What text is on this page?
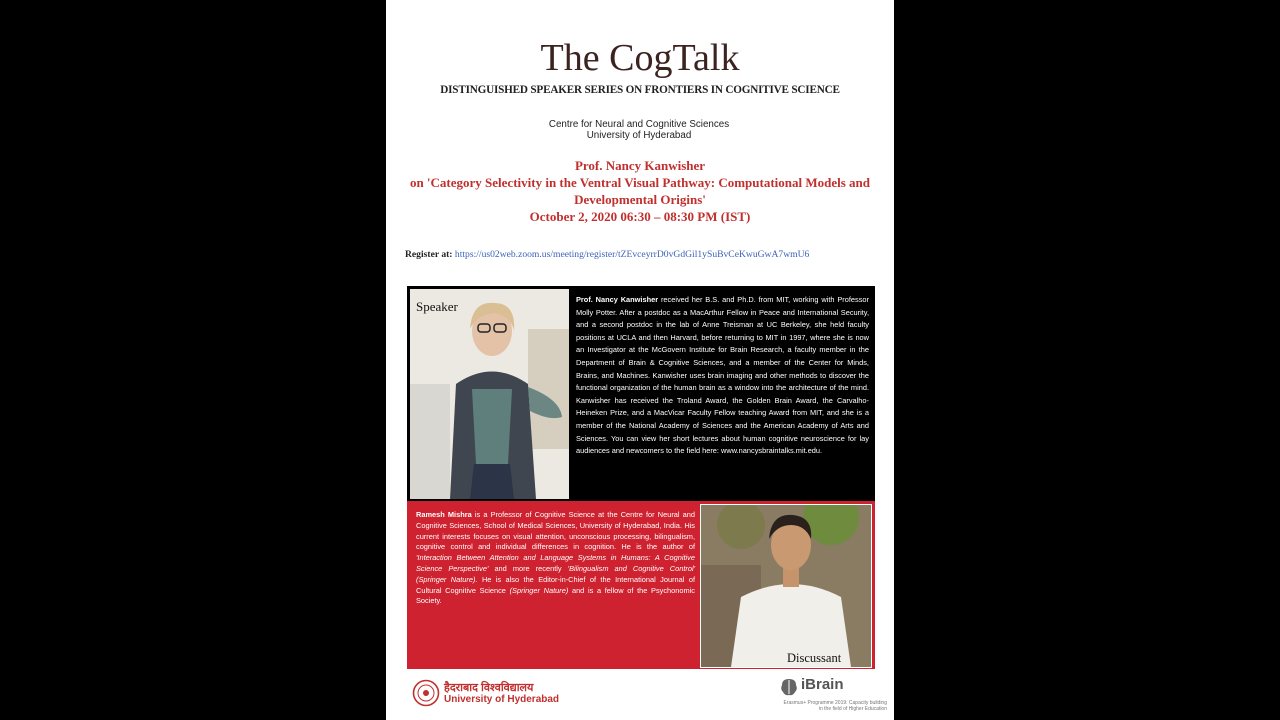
The CogTalk
DISTINGUISHED SPEAKER SERIES ON FRONTIERS IN COGNITIVE SCIENCE
Centre for Neural and Cognitive Sciences
University of Hyderabad
Prof. Nancy Kanwisher
on 'Category Selectivity in the Ventral Visual Pathway: Computational Models and Developmental Origins'
October 2, 2020 06:30 – 08:30 PM (IST)
Register at: https://us02web.zoom.us/meeting/register/tZEvceyrrD0vGdGil1ySuBvCeKwuGwA7wmU6
Speaker	Prof. Nancy Kanwisher received her B.S. and Ph.D. from MIT, working with Professor Molly Potter. After a postdoc as a MacArthur Fellow in Peace and International Security, and a second postdoc in the lab of Anne Treisman at UC Berkeley, she held faculty positions at UCLA and then Harvard, before returning to MIT in 1997, where she is now an Investigator at the McGovern Institute for Brain Research, a faculty member in the Department of Brain & Cognitive Sciences, and a member of the Center for Minds, Brains, and Machines. Kanwisher uses brain imaging and other methods to discover the functional organization of the human brain as a window into the architecture of the mind. Kanwisher has received the Troland Award, the Golden Brain Award, the Carvalho-Heineken Prize, and a MacVicar Faculty Fellow teaching Award from MIT, and she is a member of the National Academy of Sciences and the American Academy of Arts and Sciences. You can view her short lectures about human cognitive neuroscience for lay audiences and newcomers to the field here: www.nancysbraintalks.mit.edu.
Ramesh Mishra is a Professor of Cognitive Science at the Centre for Neural and Cognitive Sciences, School of Medical Sciences, University of Hyderabad, India. His current interests focuses on visual attention, unconscious processing, bilingualism, cognitive control and individual differences in cognition. He is the author of 'Interaction Between Attention and Language Systems in Humans: A Cognitive Science Perspective' and more recently 'Bilingualism and Cognitive Control' (Springer Nature). He is also the Editor-in-Chief of the International Journal of Cultural Cognitive Science (Springer Nature) and is a fellow of the Psychonomic Society.
Discussant
हैदराबाद विश्वविद्यालय
University of Hyderabad
iBrain
Erasmus+ Programme 2019: Capacity building in the field of Higher Education
